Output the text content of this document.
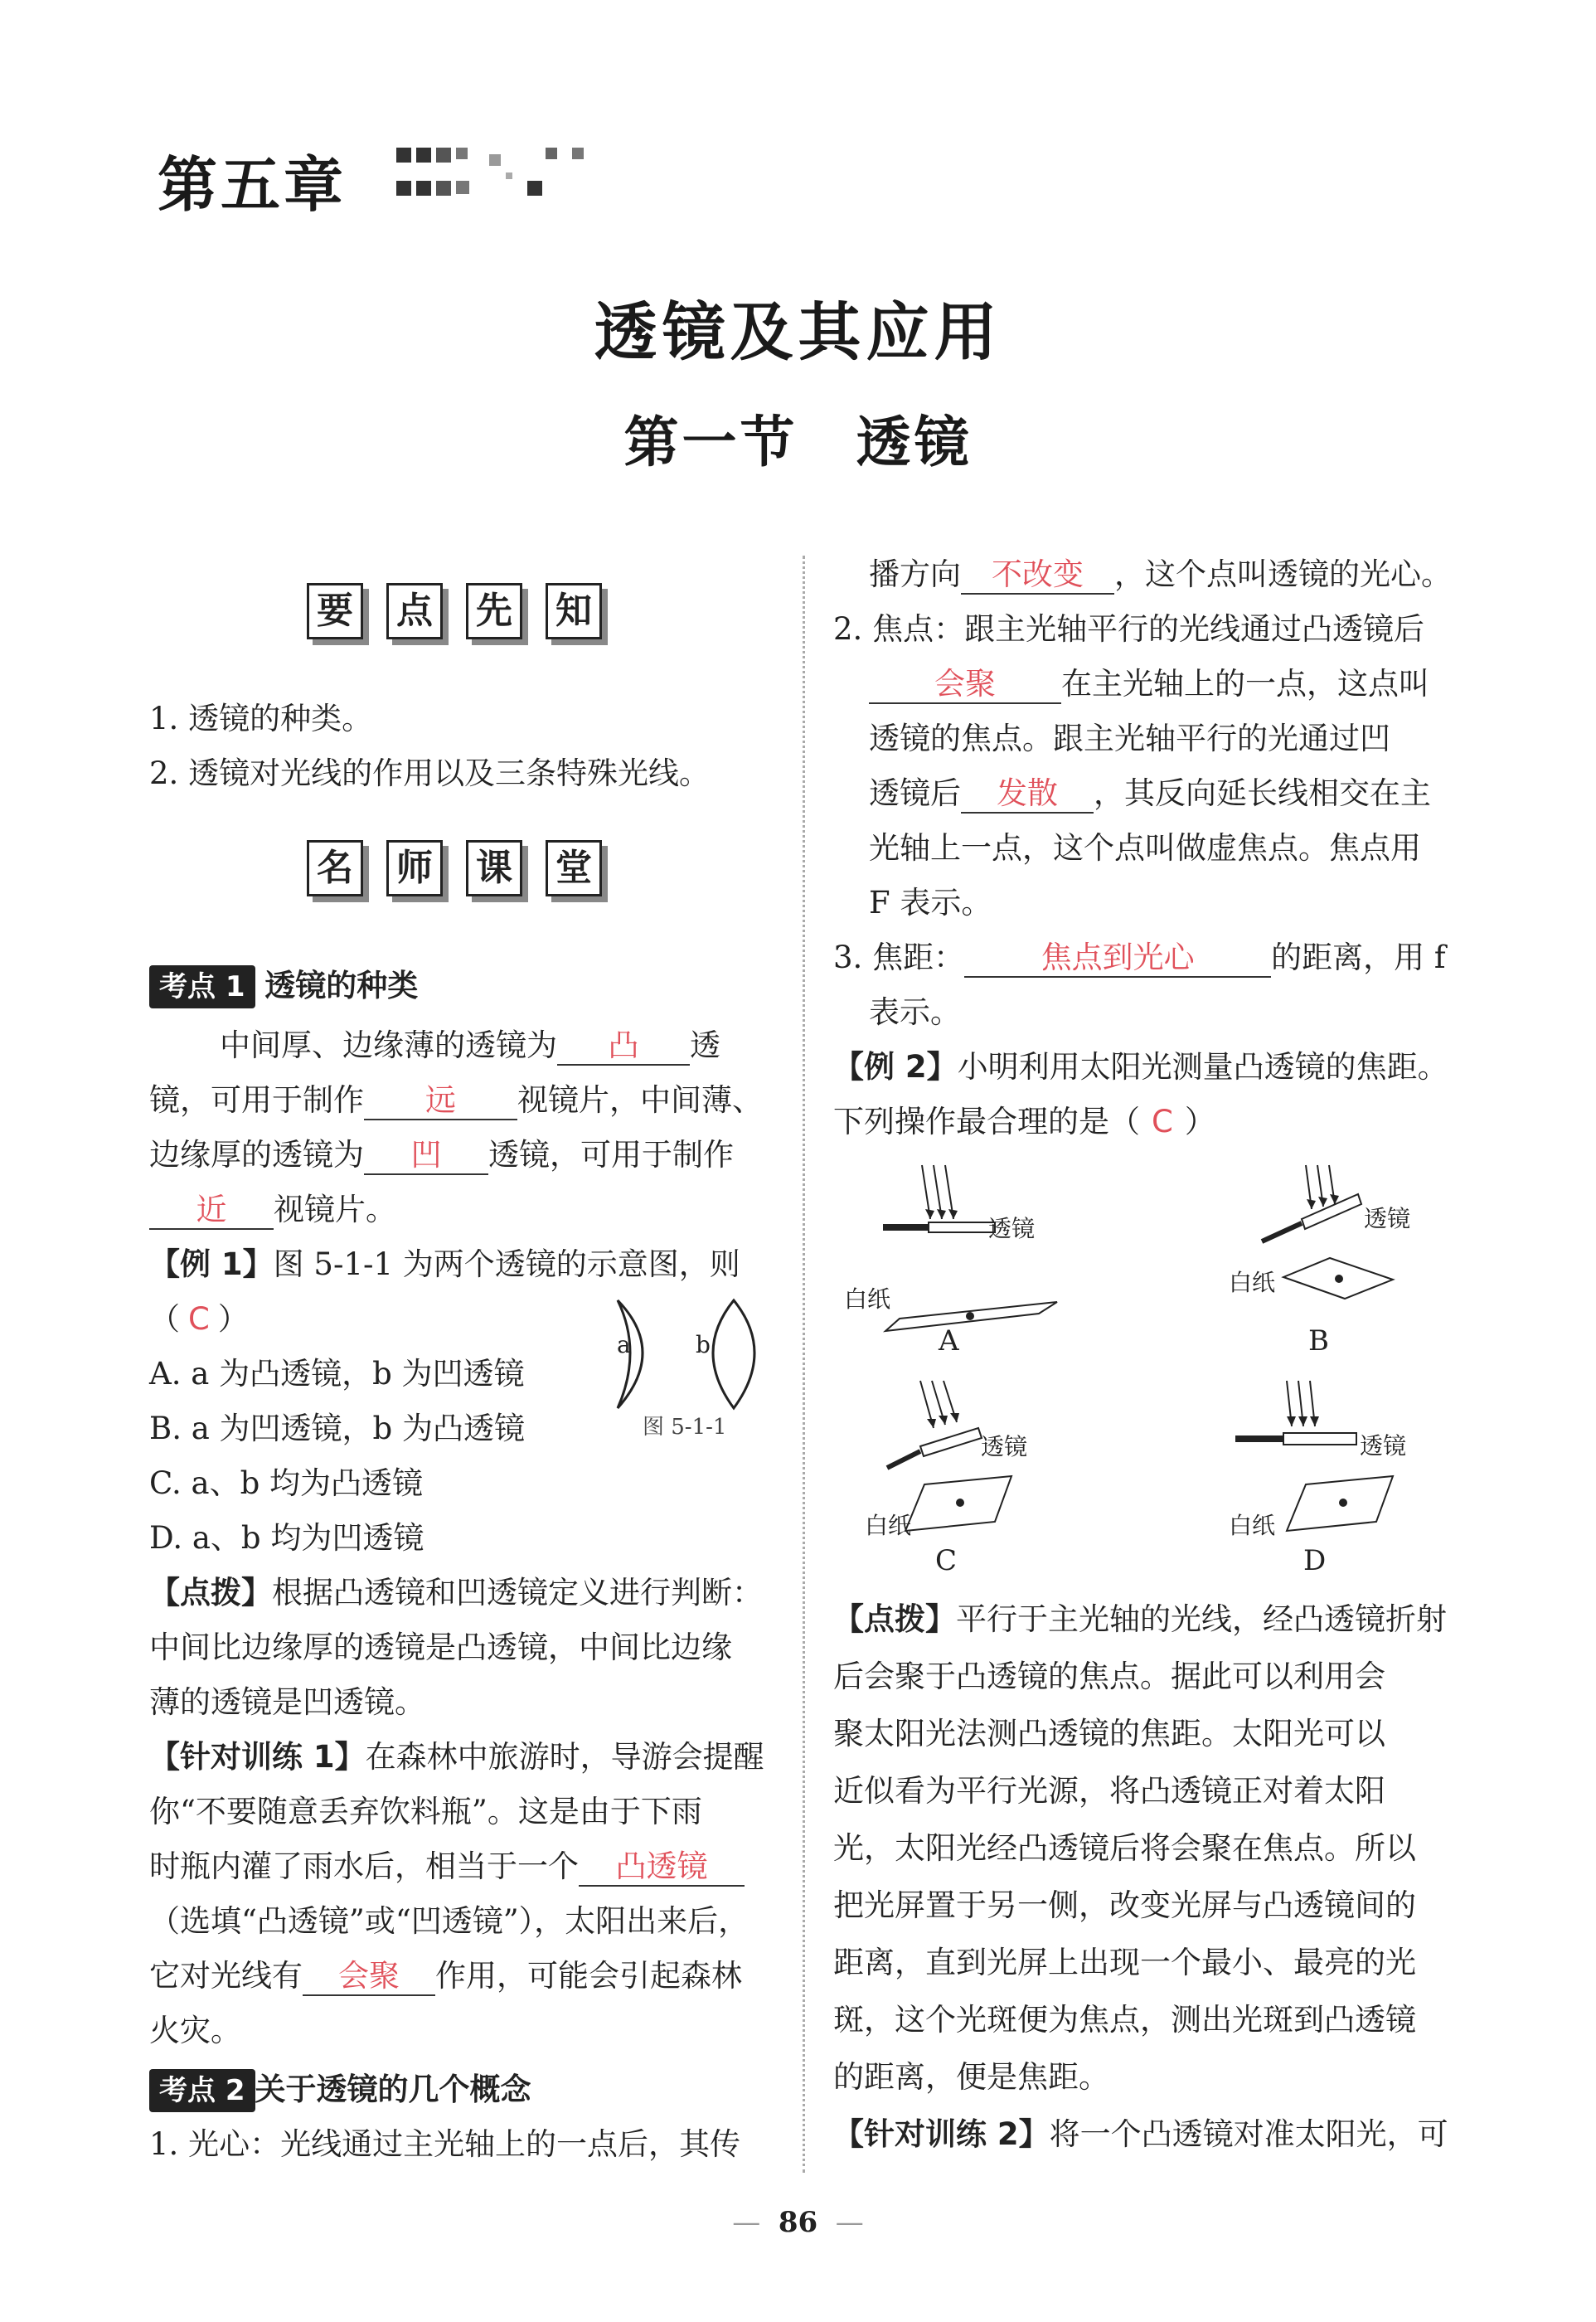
第五章
透镜及其应用
第一节　透镜
要 点 先 知
1. 透镜的种类。
2. 透镜对光线的作用以及三条特殊光线。
名 师 课 堂
考点 1 透镜的种类
中间厚、边缘薄的透镜为 凸 透
镜，可用于制作 远 视镜片，中间薄、
边缘厚的透镜为 凹 透镜，可用于制作
近 视镜片。
【例 1】图 5-1-1 为两个透镜的示意图，则
（ C ）
A. a 为凸透镜，b 为凹透镜
B. a 为凹透镜，b 为凸透镜
C. a、b 均为凸透镜
D. a、b 均为凹透镜
a	b
图 5-1-1
【点拨】根据凸透镜和凹透镜定义进行判断：
中间比边缘厚的透镜是凸透镜，中间比边缘
薄的透镜是凹透镜。
【针对训练 1】在森林中旅游时，导游会提醒
你“不要随意丢弃饮料瓶”。这是由于下雨
时瓶内灌了雨水后，相当于一个 凸透镜
（选填“凸透镜”或“凹透镜”），太阳出来后，
它对光线有 会聚 作用，可能会引起森林
火灾。
考点 2 关于透镜的几个概念
1. 光心：光线通过主光轴上的一点后，其传
播方向 不改变 ，这个点叫透镜的光心。
2. 焦点：跟主光轴平行的光线通过凸透镜后
会聚 在主光轴上的一点，这点叫
透镜的焦点。跟主光轴平行的光通过凹
透镜后 发散 ，其反向延长线相交在主
光轴上一点，这个点叫做虚焦点。焦点用
F 表示。
3. 焦距：	焦点到光心	的距离，用 f
表示。
【例 2】小明利用太阳光测量凸透镜的焦距。
下列操作最合理的是（ C ）
透镜
白纸
A
透镜
白纸
B
透镜
白纸
C
透镜
白纸
D
【点拨】平行于主光轴的光线，经凸透镜折射
后会聚于凸透镜的焦点。据此可以利用会
聚太阳光法测凸透镜的焦距。太阳光可以
近似看为平行光源，将凸透镜正对着太阳
光，太阳光经凸透镜后将会聚在焦点。所以
把光屏置于另一侧，改变光屏与凸透镜间的
距离，直到光屏上出现一个最小、最亮的光
斑，这个光斑便为焦点，测出光斑到凸透镜
的距离，便是焦距。
【针对训练 2】将一个凸透镜对准太阳光，可
—  86  —
